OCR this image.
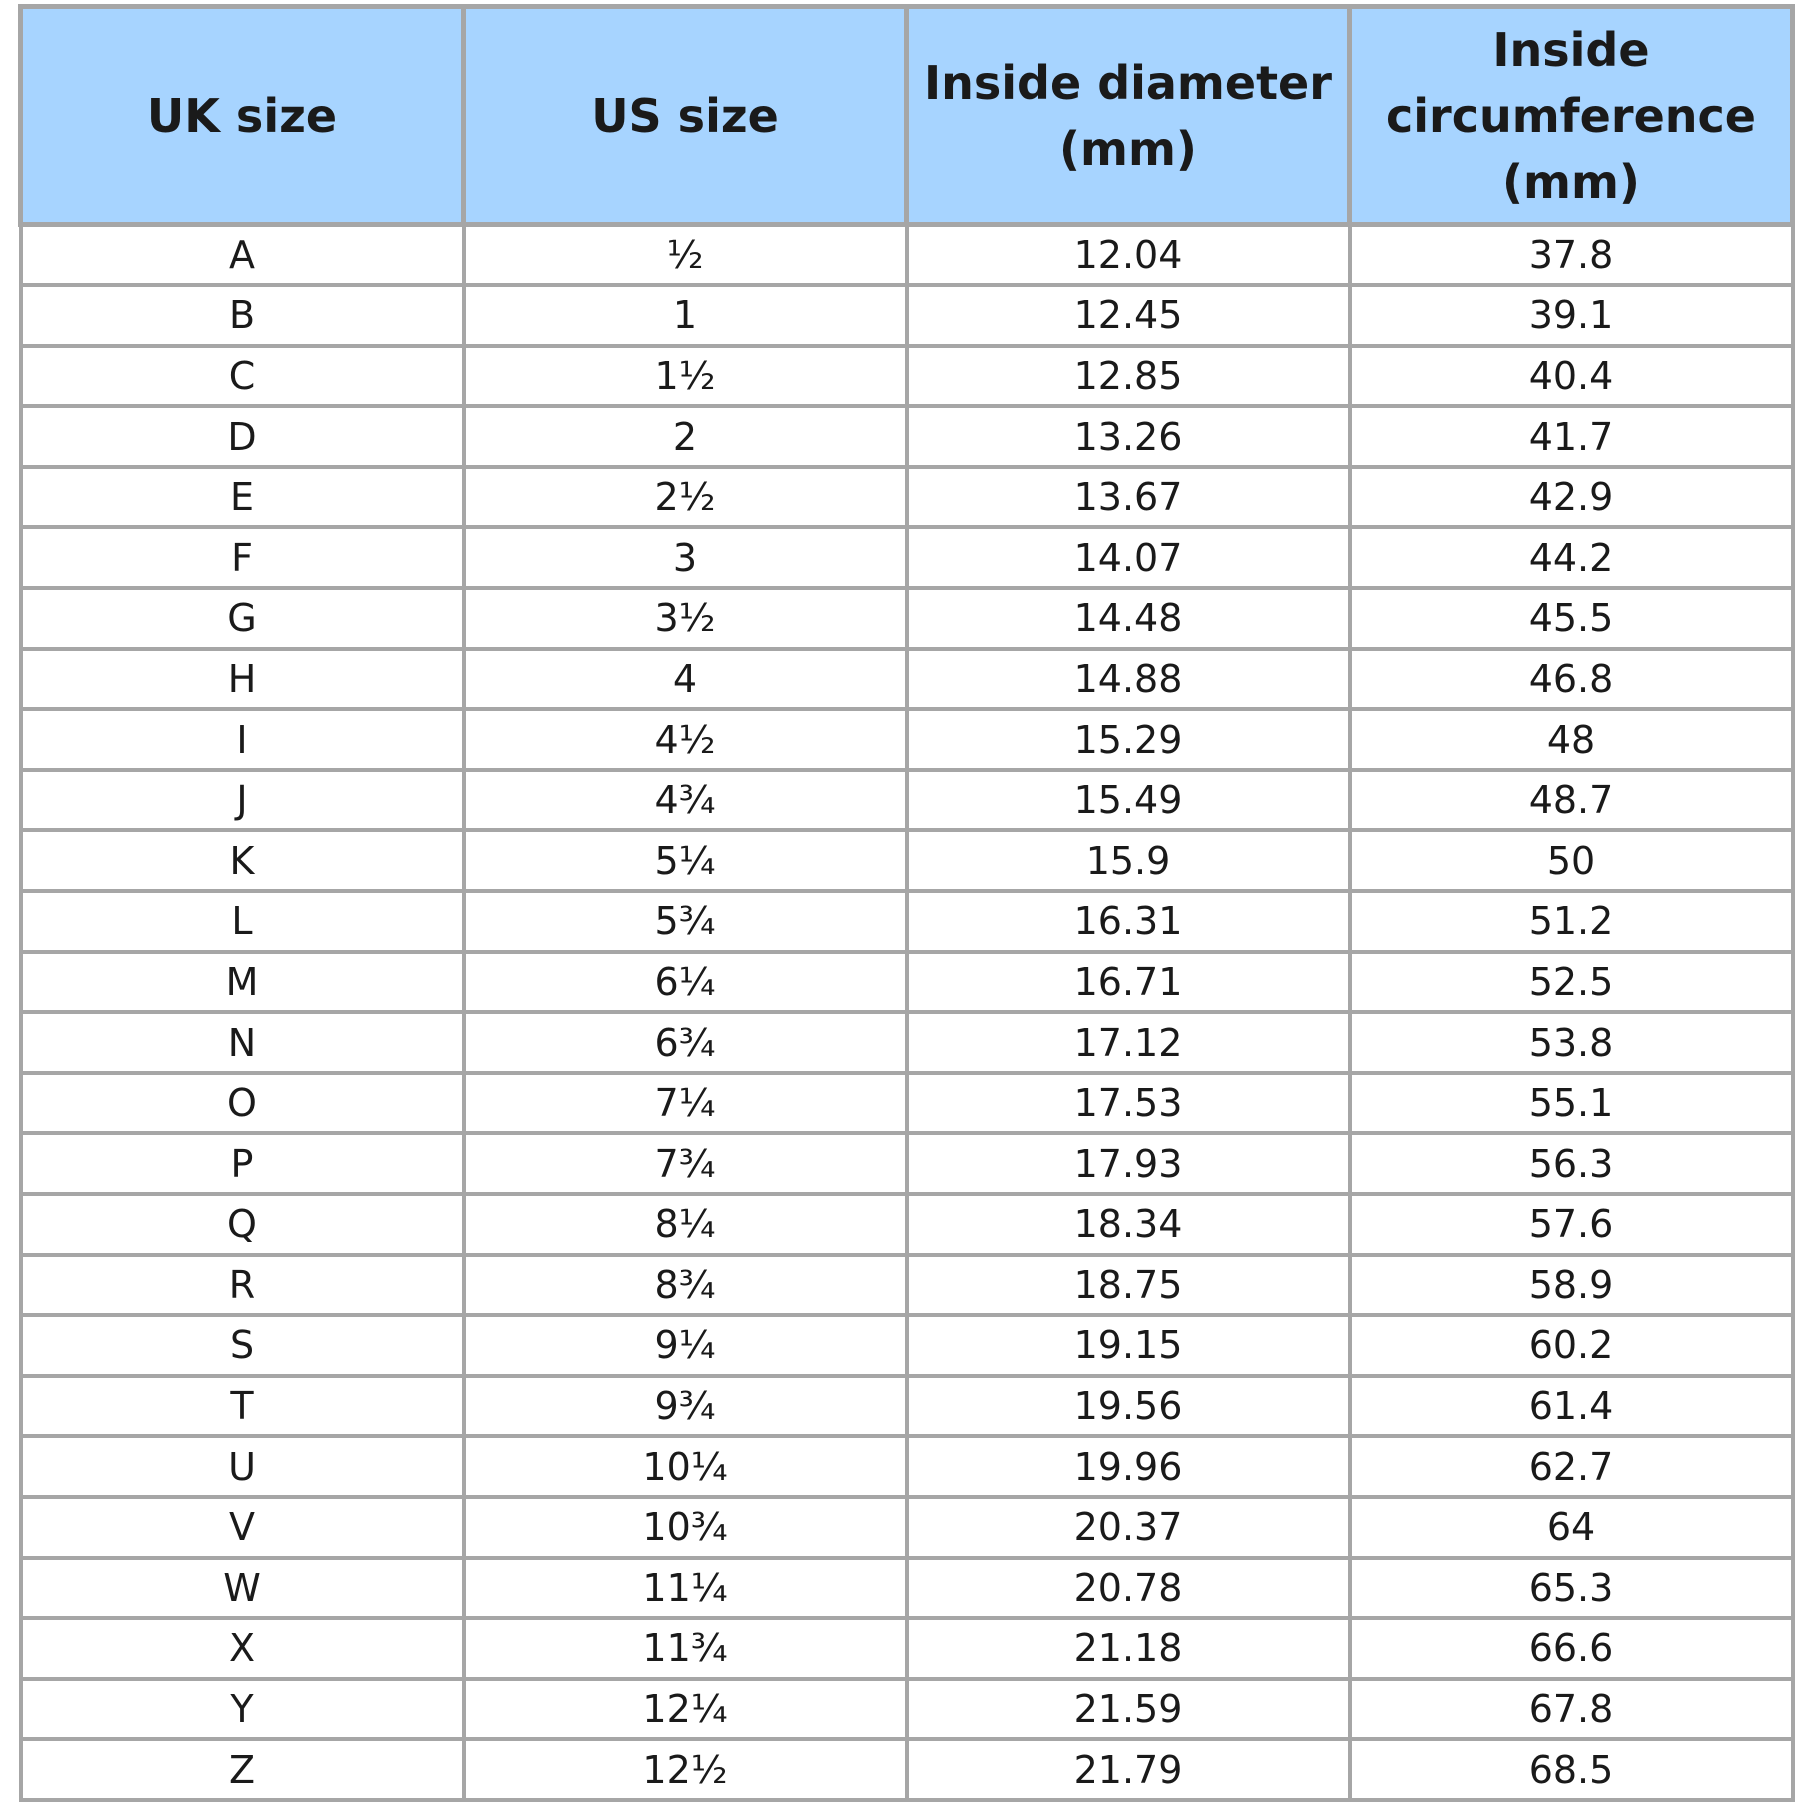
UK size	US size	Inside diameter (mm)	Inside circumference (mm)
A	½	12.04	37.8
B	1	12.45	39.1
C	1½	12.85	40.4
D	2	13.26	41.7
E	2½	13.67	42.9
F	3	14.07	44.2
G	3½	14.48	45.5
H	4	14.88	46.8
I	4½	15.29	48
J	4¾	15.49	48.7
K	5¼	15.9	50
L	5¾	16.31	51.2
M	6¼	16.71	52.5
N	6¾	17.12	53.8
O	7¼	17.53	55.1
P	7¾	17.93	56.3
Q	8¼	18.34	57.6
R	8¾	18.75	58.9
S	9¼	19.15	60.2
T	9¾	19.56	61.4
U	10¼	19.96	62.7
V	10¾	20.37	64
W	11¼	20.78	65.3
X	11¾	21.18	66.6
Y	12¼	21.59	67.8
Z	12½	21.79	68.5
